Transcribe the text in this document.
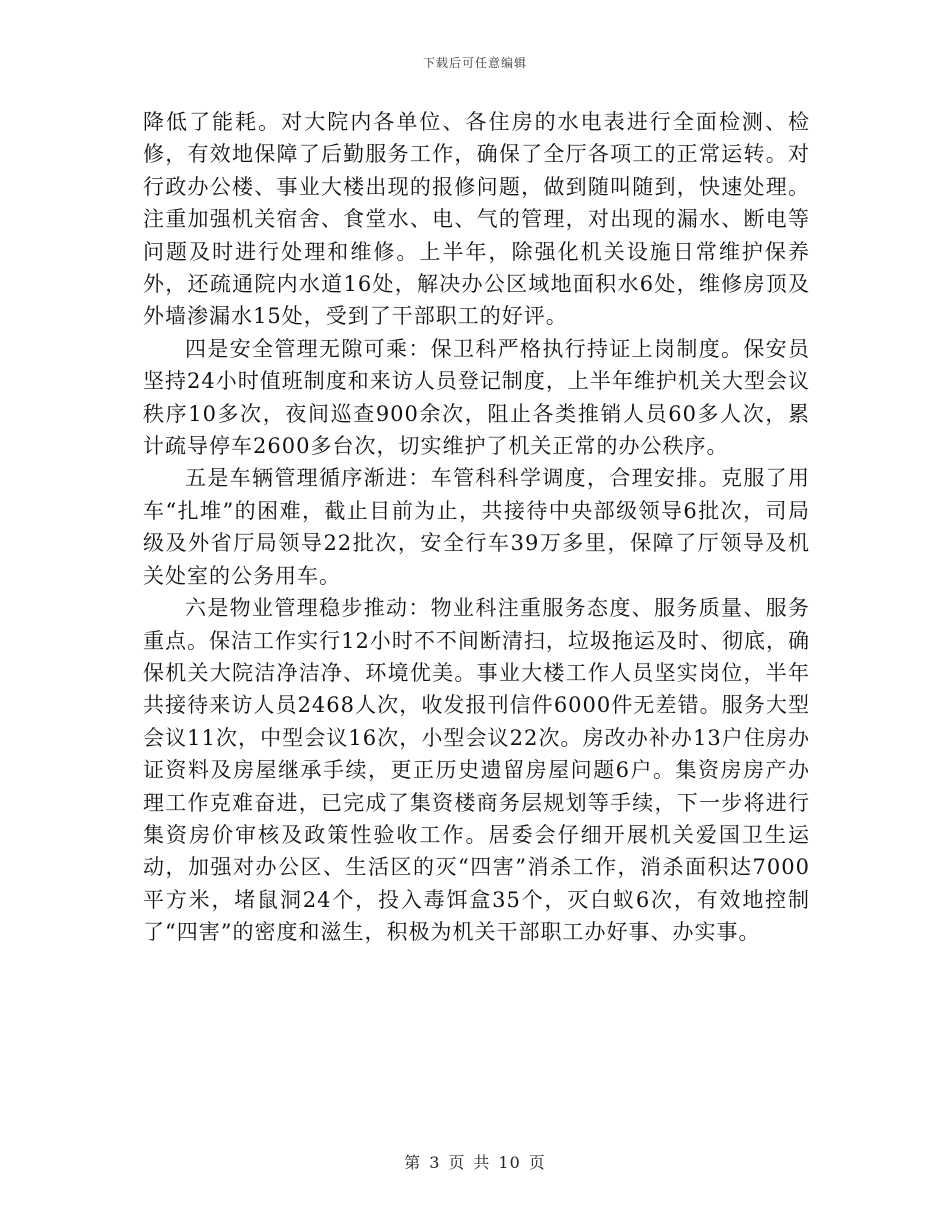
下载后可任意编辑

降低了能耗。对大院内各单位、各住房的水电表进行全面检测、检修，有效地保障了后勤服务工作，确保了全厅各项工的正常运转。对行政办公楼、事业大楼出现的报修问题，做到随叫随到，快速处理。 注重加强机关宿舍、食堂水、电、气的管理，对出现的漏水、断电等问题及时进行处理和维修。上半年，除强化机关设施日常维护保养外，还疏通院内水道16处，解决办公区域地面积水6处，维修房顶及外墙渗漏水15处，受到了干部职工的好评。

四是安全管理无隙可乘：保卫科严格执行持证上岗制度。保安员坚持24小时值班制度和来访人员登记制度，上半年维护机关大型会议秩序10多次，夜间巡查900余次，阻止各类推销人员60多人次，累计疏导停车2600多台次，切实维护了机关正常的办公秩序。

五是车辆管理循序渐进：车管科科学调度，合理安排。克服了用车“扎堆”的困难，截止目前为止，共接待中央部级领导6批次，司局级及外省厅局领导22批次，安全行车39万多里，保障了厅领导及机关处室的公务用车。

六是物业管理稳步推动：物业科注重服务态度、服务质量、服务重点。保洁工作实行12小时不不间断清扫，垃圾拖运及时、彻底，确保机关大院洁净洁净、环境优美。事业大楼工作人员坚实岗位，半年共接待来访人员2468人次，收发报刊信件6000件无差错。服务大型会议11次，中型会议16次，小型会议22次。房改办补办13户住房办证资料及房屋继承手续，更正历史遗留房屋问题6户。集资房房产办理工作克难奋进，已完成了集资楼商务层规划等手续，下一步将进行集资房价审核及政策性验收工作。居委会仔细开展机关爱国卫生运动，加强对办公区、生活区的灭“四害”消杀工作，消杀面积达7000平方米，堵鼠洞24个，投入毒饵盒35个，灭白蚁6次，有效地控制了“四害”的密度和滋生，积极为机关干部职工办好事、办实事。

第 3 页 共 10 页
